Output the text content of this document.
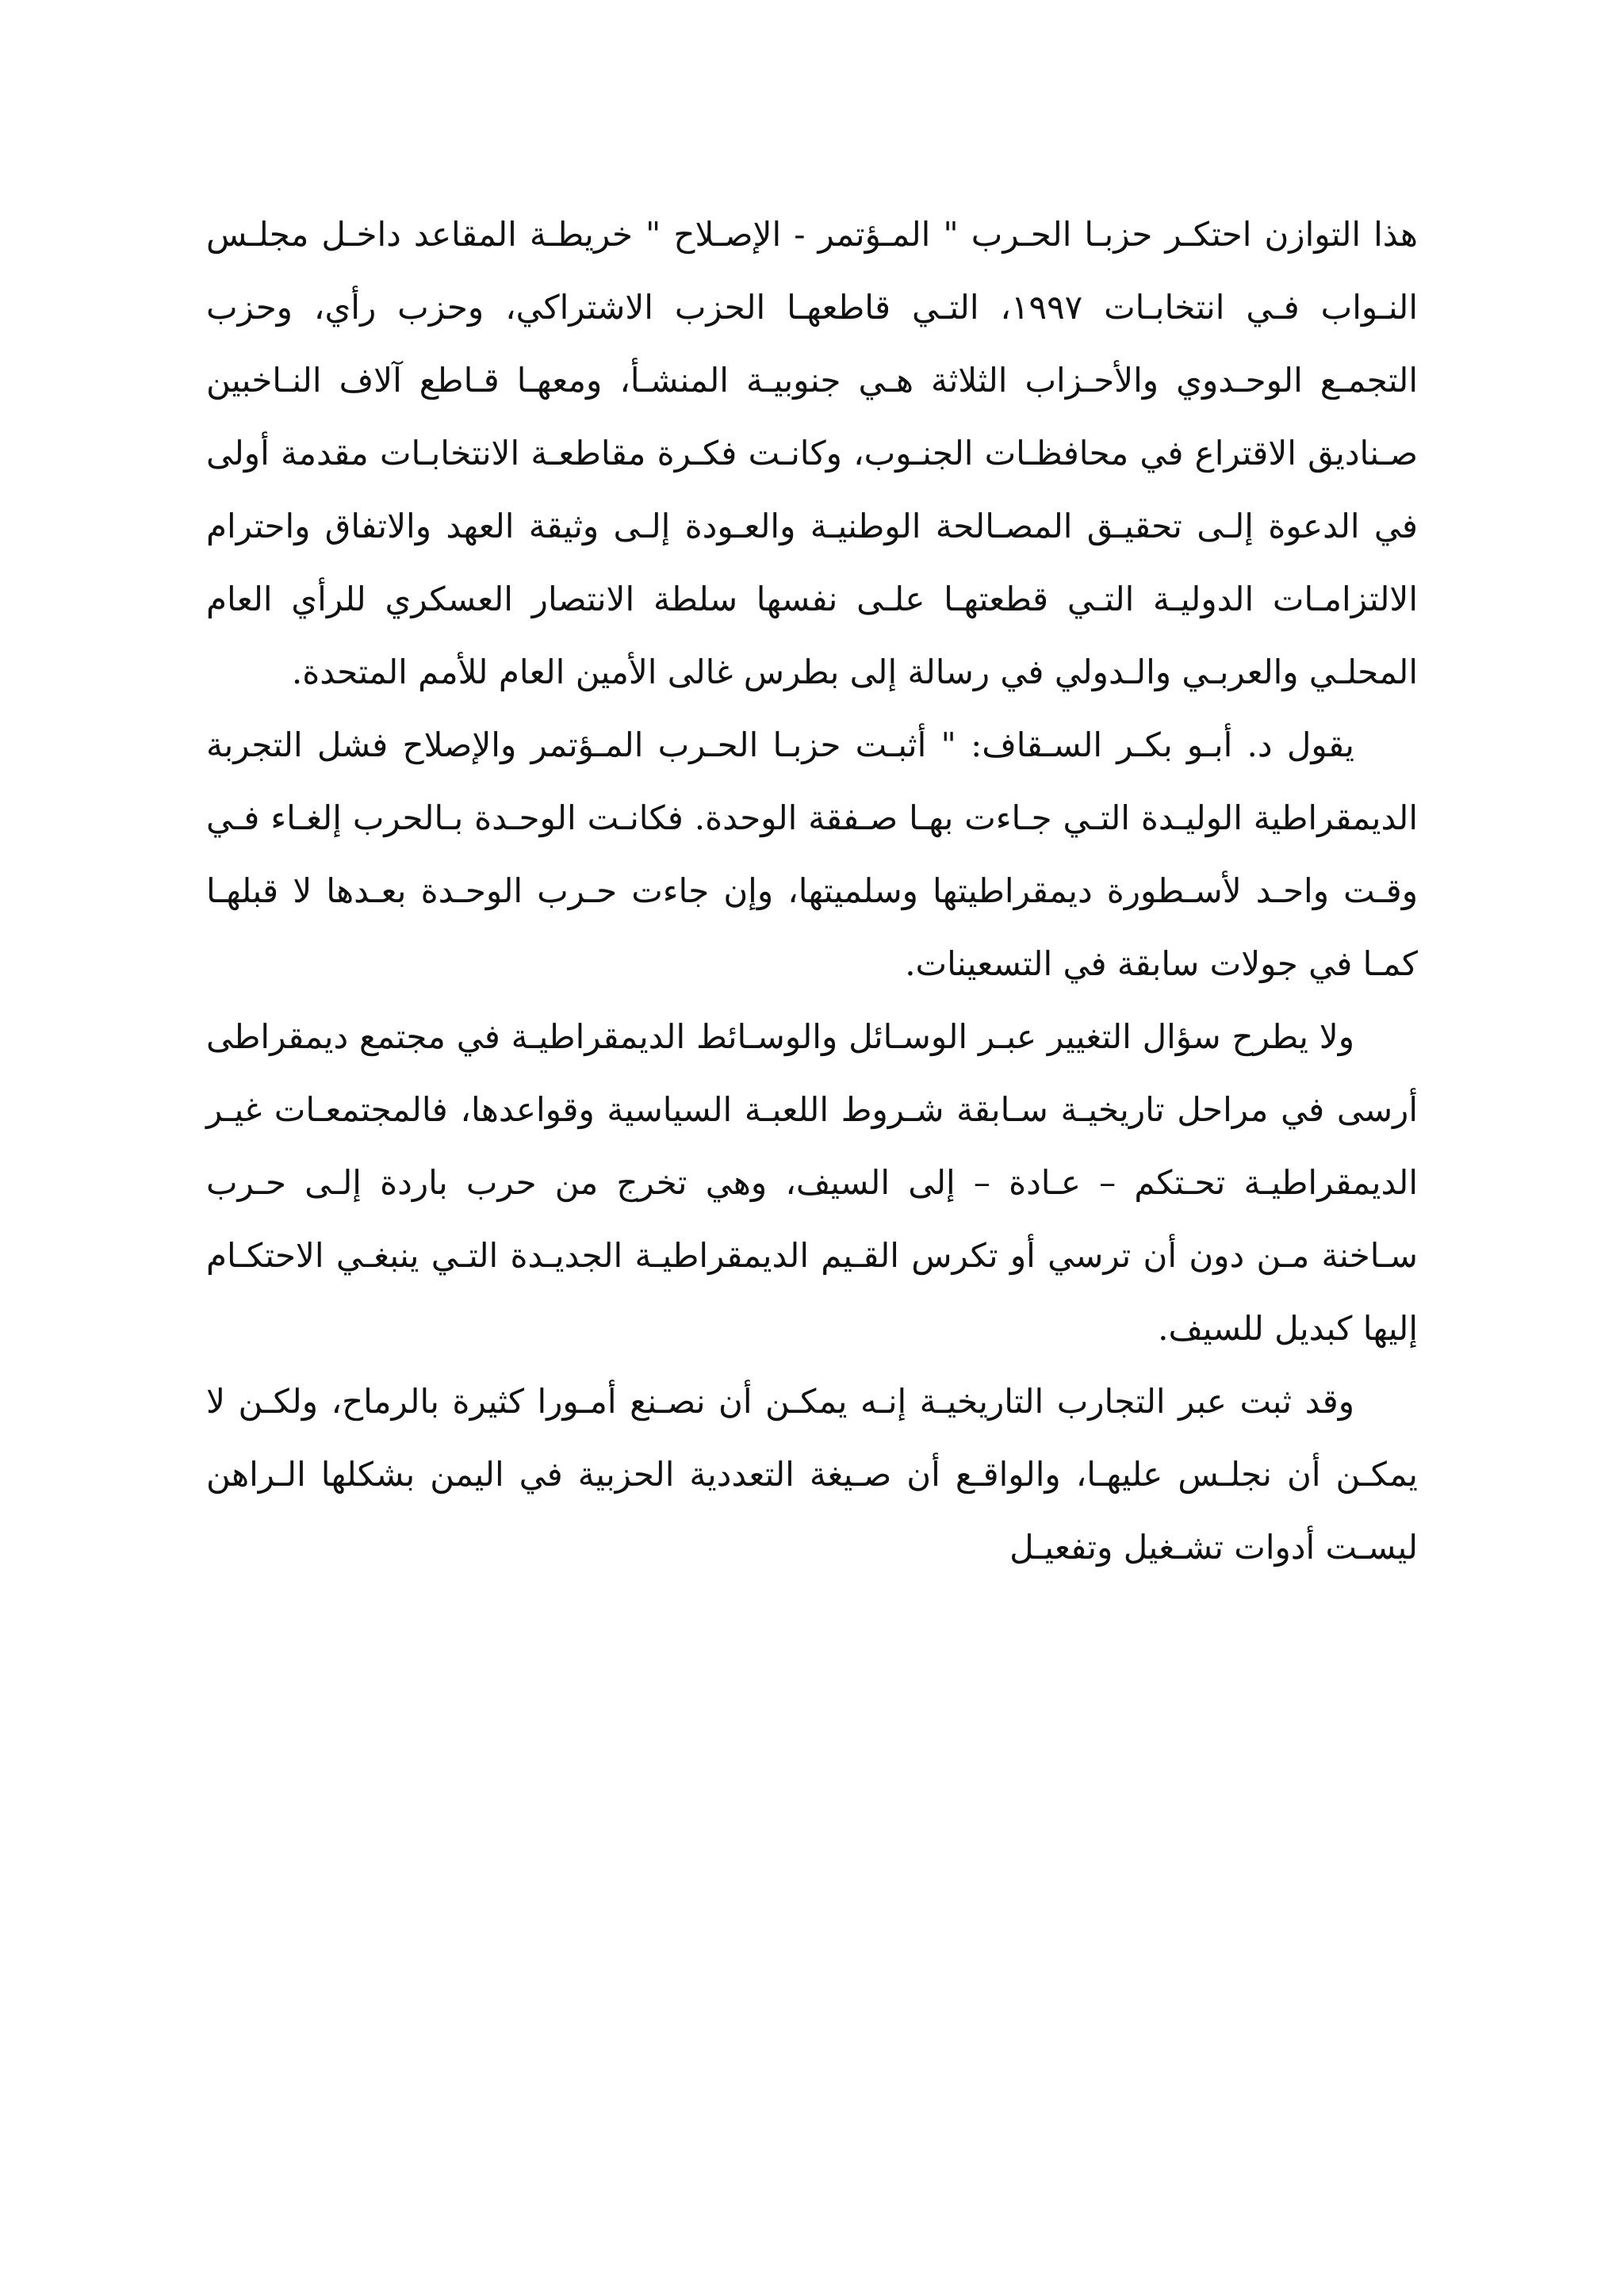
هذا التوازن احتكـر حزبـا الحـرب " المـؤتمر - الإصـلاح " خريطـة المقاعد داخـل مجلـس النـواب فـي انتخابـات ١٩٩٧، التـي قاطعهـا الحزب الاشتراكي، وحزب رأي، وحزب التجمـع الوحـدوي والأحـزاب الثلاثة هـي جنوبيـة المنشـأ، ومعهـا قـاطع آلاف النـاخبين صـناديق الاقتراع في محافظـات الجنـوب، وكانـت فكـرة مقاطعـة الانتخابـات مقدمة أولى في الدعوة إلـى تحقيـق المصـالحة الوطنيـة والعـودة إلـى وثيقة العهد والاتفاق واحترام الالتزامـات الدوليـة التـي قطعتهـا علـى نفسها سلطة الانتصار العسكري للرأي العام المحلـي والعربـي والـدولي في رسالة إلى بطرس غالى الأمين العام للأمم المتحدة.

يقول د. أبـو بكـر السـقاف: " أثبـت حزبـا الحـرب المـؤتمر والإصلاح فشل التجربة الديمقراطية الوليـدة التـي جـاءت بهـا صـفقة الوحدة. فكانـت الوحـدة بـالحرب إلغـاء فـي وقـت واحـد لأسـطورة ديمقراطيتها وسلميتها، وإن جاءت حـرب الوحـدة بعـدها لا قبلهـا كمـا في جولات سابقة في التسعينات.

ولا يطرح سؤال التغيير عبـر الوسـائل والوسـائط الديمقراطيـة في مجتمع ديمقراطى أرسى في مراحل تاريخيـة سـابقة شـروط اللعبـة السياسية وقواعدها، فالمجتمعـات غيـر الديمقراطيـة تحـتكم – عـادة – إلى السيف، وهي تخرج من حرب باردة إلـى حـرب سـاخنة مـن دون أن ترسي أو تكرس القـيم الديمقراطيـة الجديـدة التـي ينبغـي الاحتكـام إليها كبديل للسيف.

وقد ثبت عبر التجارب التاريخيـة إنـه يمكـن أن نصـنع أمـورا كثيرة بالرماح، ولكـن لا يمكـن أن نجلـس عليهـا، والواقـع أن صـيغة التعددية الحزبية في اليمن بشكلها الـراهن ليسـت أدوات تشـغيل وتفعيـل
